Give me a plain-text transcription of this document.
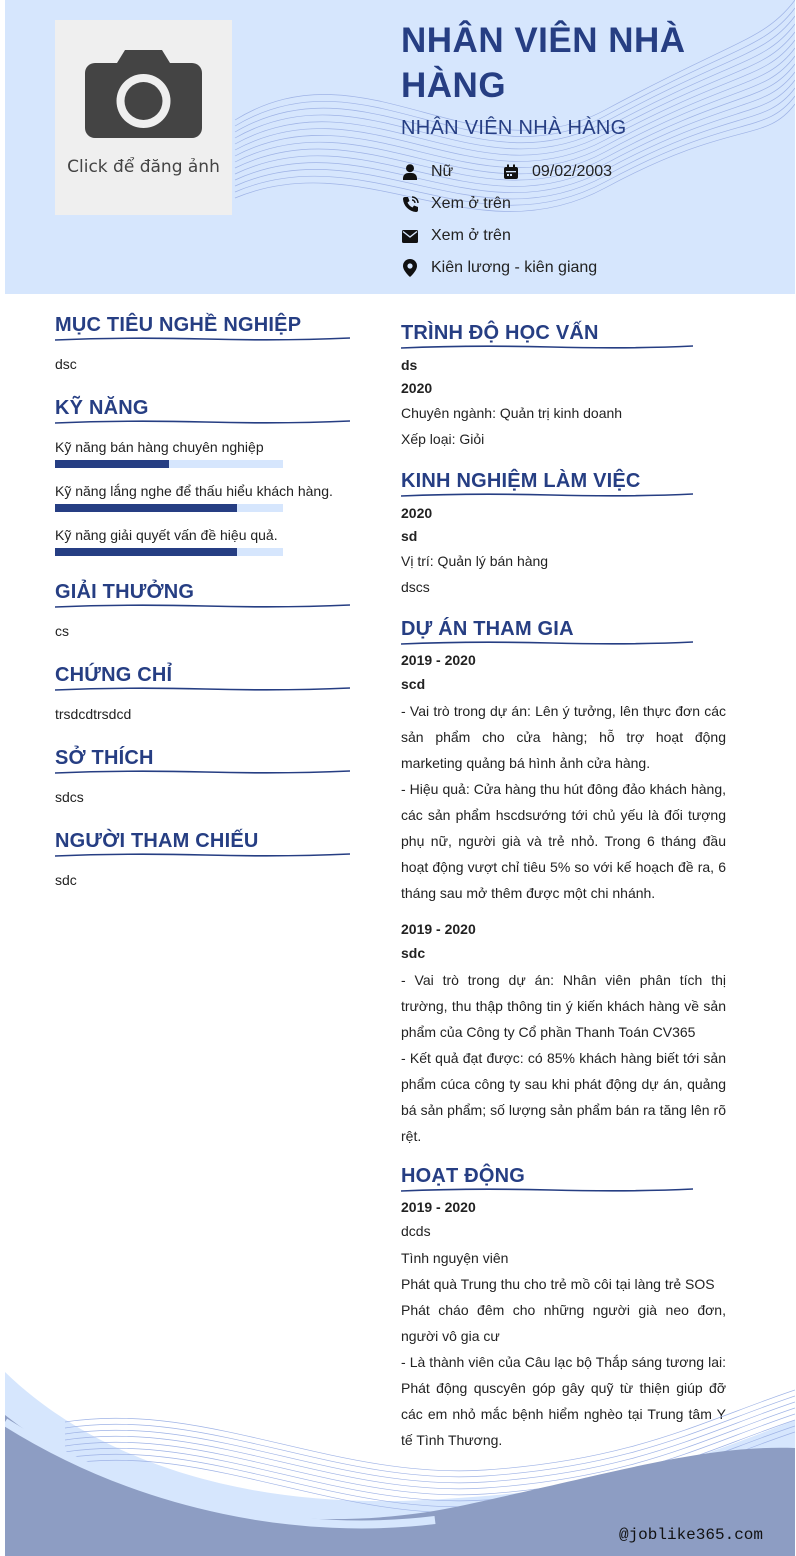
Click để đăng ảnh
NHÂN VIÊN NHÀ HÀNG
NHÂN VIÊN NHÀ HÀNG
Nữ	09/02/2003
Xem ở trên
Xem ở trên
Kiên lương - kiên giang
MỤC TIÊU NGHỀ NGHIỆP
dsc
KỸ NĂNG
Kỹ năng bán hàng chuyên nghiệp
Kỹ năng lắng nghe để thấu hiểu khách hàng.
Kỹ năng giải quyết vấn đề hiệu quả.
GIẢI THƯỞNG
cs
CHỨNG CHỈ
trsdcdtrsdcd
SỞ THÍCH
sdcs
NGƯỜI THAM CHIẾU
sdc
TRÌNH ĐỘ HỌC VẤN
ds
2020
Chuyên ngành: Quản trị kinh doanh
Xếp loại: Giỏi
KINH NGHIỆM LÀM VIỆC
2020
sd
Vị trí: Quản lý bán hàng
dscs
DỰ ÁN THAM GIA
2019 - 2020
scd
- Vai trò trong dự án: Lên ý tưởng, lên thực đơn các sản phẩm cho cửa hàng; hỗ trợ hoạt động marketing quảng bá hình ảnh cửa hàng.
- Hiệu quả: Cửa hàng thu hút đông đảo khách hàng, các sản phẩm hscdsướng tới chủ yếu là đối tượng phụ nữ, người già và trẻ nhỏ. Trong 6 tháng đầu hoạt động vượt chỉ tiêu 5% so với kế hoạch đề ra, 6 tháng sau mở thêm được một chi nhánh.
2019 - 2020
sdc
- Vai trò trong dự án: Nhân viên phân tích thị trường, thu thập thông tin ý kiến khách hàng về sản phẩm của Công ty Cổ phần Thanh Toán CV365
- Kết quả đạt được: có 85% khách hàng biết tới sản phẩm cúca công ty sau khi phát động dự án, quảng bá sản phẩm; số lượng sản phẩm bán ra tăng lên rõ rệt.
HOẠT ĐỘNG
2019 - 2020
dcds
Tình nguyện viên
Phát quà Trung thu cho trẻ mồ côi tại làng trẻ SOS
Phát cháo đêm cho những người già neo đơn, người vô gia cư
- Là thành viên của Câu lạc bộ Thắp sáng tương lai: Phát động quscyên góp gây quỹ từ thiện giúp đỡ các em nhỏ mắc bệnh hiểm nghèo tại Trung tâm Y tế Tình Thương.
@joblike365.com
